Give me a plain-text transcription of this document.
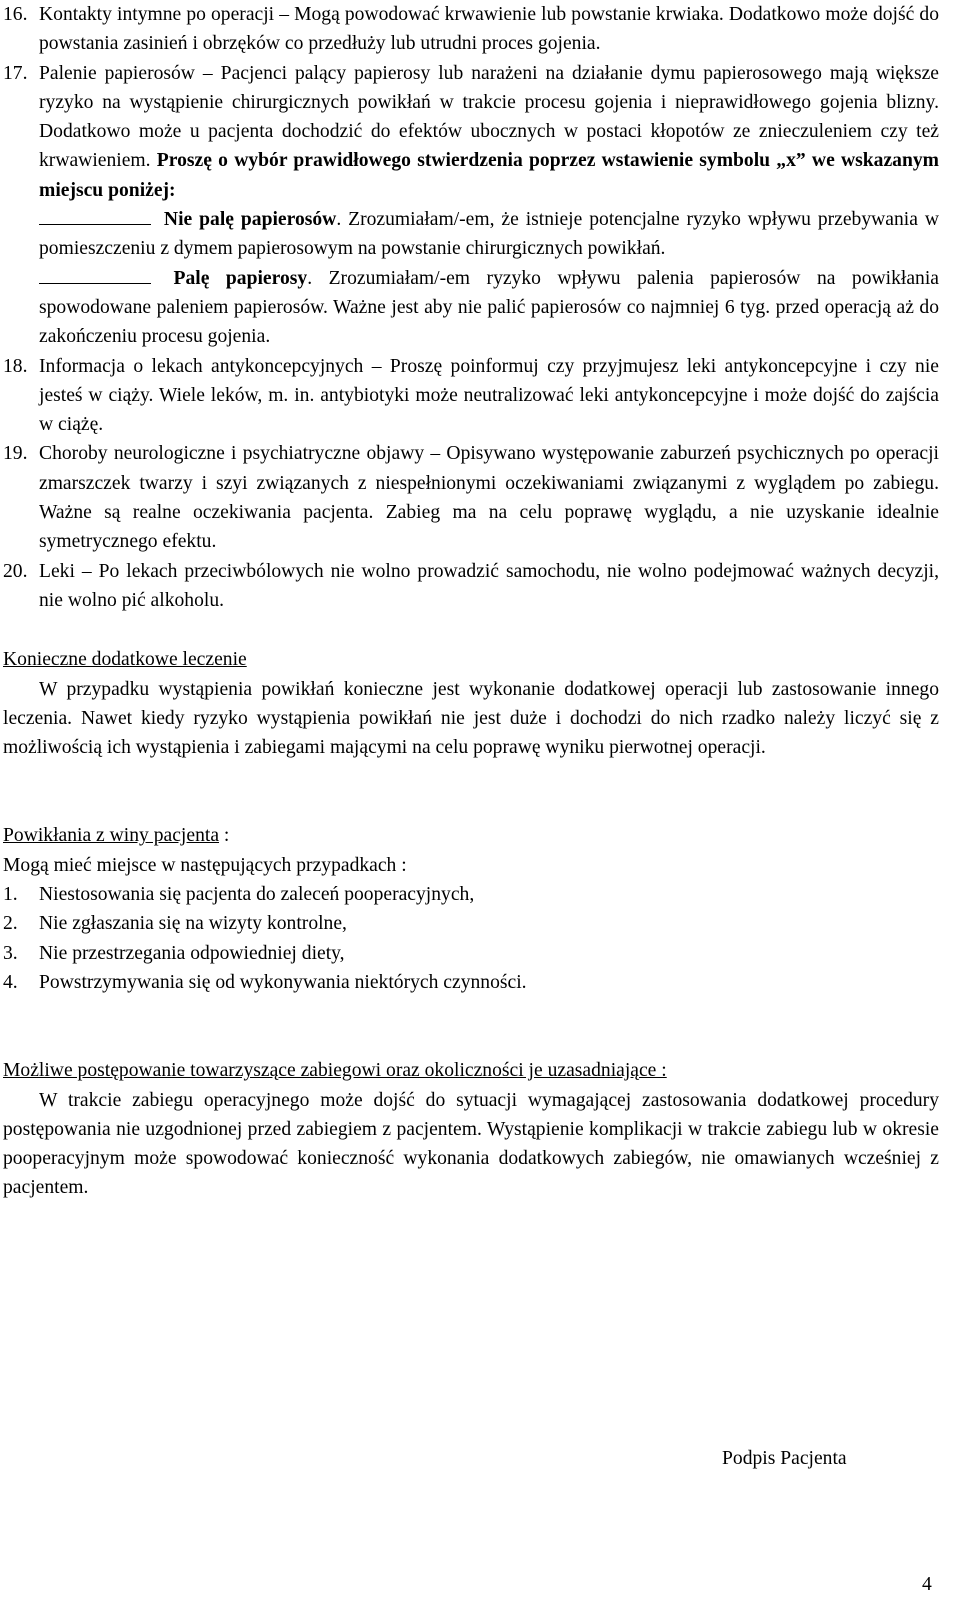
16. Kontakty intymne po operacji – Mogą powodować krwawienie lub powstanie krwiaka. Dodatkowo może dojść do powstania zasinień i obrzęków co przedłuży lub utrudni proces gojenia.
17. Palenie papierosów – Pacjenci palący papierosy lub narażeni na działanie dymu papierosowego mają większe ryzyko na wystąpienie chirurgicznych powikłań w trakcie procesu gojenia i nieprawidłowego gojenia blizny. Dodatkowo może u pacjenta dochodzić do efektów ubocznych w postaci kłopotów ze znieczuleniem czy też krwawieniem. Proszę o wybór prawidłowego stwierdzenia poprzez wstawienie symbolu „x” we wskazanym miejscu poniżej:
Nie palę papierosów. Zrozumiałam/-em, że istnieje potencjalne ryzyko wpływu przebywania w pomieszczeniu z dymem papierosowym na powstanie chirurgicznych powikłań.
Palę papierosy. Zrozumiałam/-em ryzyko wpływu palenia papierosów na powikłania spowodowane paleniem papierosów. Ważne jest aby nie palić papierosów co najmniej 6 tyg. przed operacją aż do zakończeniu procesu gojenia.
18. Informacja o lekach antykoncepcyjnych – Proszę poinformuj czy przyjmujesz leki antykoncepcyjne i czy nie jesteś w ciąży. Wiele leków, m. in. antybiotyki może neutralizować leki antykoncepcyjne i może dojść do zajścia w ciążę.
19. Choroby neurologiczne i psychiatryczne objawy – Opisywano występowanie zaburzeń psychicznych po operacji zmarszczek twarzy i szyi związanych z niespełnionymi oczekiwaniami związanymi z wyglądem po zabiegu. Ważne są realne oczekiwania pacjenta. Zabieg ma na celu poprawę wyglądu, a nie uzyskanie idealnie symetrycznego efektu.
20. Leki – Po lekach przeciwbólowych nie wolno prowadzić samochodu, nie wolno podejmować ważnych decyzji, nie wolno pić alkoholu.
Konieczne dodatkowe leczenie
W przypadku wystąpienia powikłań konieczne jest wykonanie dodatkowej operacji lub zastosowanie innego leczenia. Nawet kiedy ryzyko wystąpienia powikłań nie jest duże i dochodzi do nich rzadko należy liczyć się z możliwością ich wystąpienia i zabiegami mającymi na celu poprawę wyniku pierwotnej operacji.
Powikłania z winy pacjenta :
Mogą mieć miejsce w następujących przypadkach :
1. Niestosowania się pacjenta do zaleceń pooperacyjnych,
2. Nie zgłaszania się na wizyty kontrolne,
3. Nie przestrzegania odpowiedniej diety,
4. Powstrzymywania się od wykonywania niektórych czynności.
Możliwe postępowanie towarzyszące zabiegowi oraz okoliczności je uzasadniające :
W trakcie zabiegu operacyjnego może dojść do sytuacji wymagającej zastosowania dodatkowej procedury postępowania nie uzgodnionej przed zabiegiem z pacjentem. Wystąpienie komplikacji w trakcie zabiegu lub w okresie pooperacyjnym może spowodować konieczność wykonania dodatkowych zabiegów, nie omawianych wcześniej z pacjentem.
Podpis Pacjenta
4
